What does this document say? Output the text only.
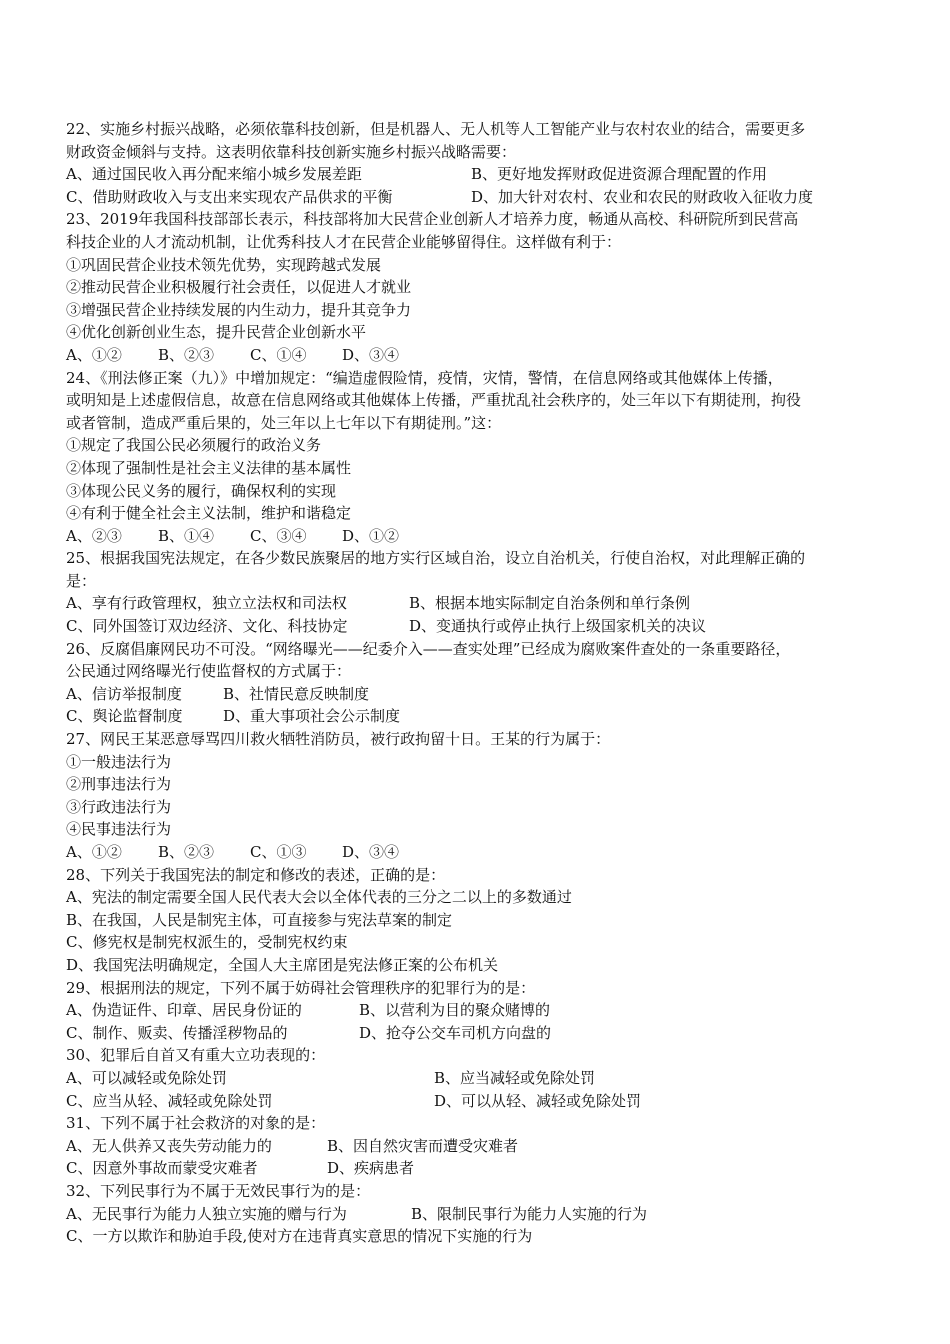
22、实施乡村振兴战略，必须依靠科技创新，但是机器人、无人机等人工智能产业与农村农业的结合，需要更多
财政资金倾斜与支持。这表明依靠科技创新实施乡村振兴战略需要：
A、通过国民收入再分配来缩小城乡发展差距	B、更好地发挥财政促进资源合理配置的作用
C、借助财政收入与支出来实现农产品供求的平衡	D、加大针对农村、农业和农民的财政收入征收力度
23、2019年我国科技部部长表示，科技部将加大民营企业创新人才培养力度，畅通从高校、科研院所到民营高
科技企业的人才流动机制，让优秀科技人才在民营企业能够留得住。这样做有利于：
①巩固民营企业技术领先优势，实现跨越式发展
②推动民营企业积极履行社会责任，以促进人才就业
③增强民营企业持续发展的内生动力，提升其竞争力
④优化创新创业生态，提升民营企业创新水平
A、①②	B、②③	C、①④	D、③④
24、《刑法修正案（九）》中增加规定：“编造虚假险情，疫情，灾情，警情，在信息网络或其他媒体上传播，
或明知是上述虚假信息，故意在信息网络或其他媒体上传播，严重扰乱社会秩序的，处三年以下有期徒刑，拘役
或者管制，造成严重后果的，处三年以上七年以下有期徒刑。”这：
①规定了我国公民必须履行的政治义务
②体现了强制性是社会主义法律的基本属性
③体现公民义务的履行，确保权利的实现
④有利于健全社会主义法制，维护和谐稳定
A、②③	B、①④	C、③④	D、①②
25、根据我国宪法规定，在各少数民族聚居的地方实行区域自治，设立自治机关，行使自治权，对此理解正确的
是：
A、享有行政管理权，独立立法权和司法权	B、根据本地实际制定自治条例和单行条例
C、同外国签订双边经济、文化、科技协定	D、变通执行或停止执行上级国家机关的决议
26、反腐倡廉网民功不可没。“网络曝光——纪委介入——查实处理”已经成为腐败案件查处的一条重要路径，
公民通过网络曝光行使监督权的方式属于：
A、信访举报制度	B、社情民意反映制度
C、舆论监督制度	D、重大事项社会公示制度
27、网民王某恶意辱骂四川救火牺牲消防员，被行政拘留十日。王某的行为属于：
①一般违法行为
②刑事违法行为
③行政违法行为
④民事违法行为
A、①②	B、②③	C、①③	D、③④
28、下列关于我国宪法的制定和修改的表述，正确的是：
A、宪法的制定需要全国人民代表大会以全体代表的三分之二以上的多数通过
B、在我国，人民是制宪主体，可直接参与宪法草案的制定
C、修宪权是制宪权派生的，受制宪权约束
D、我国宪法明确规定，全国人大主席团是宪法修正案的公布机关
29、根据刑法的规定，下列不属于妨碍社会管理秩序的犯罪行为的是：
A、伪造证件、印章、居民身份证的	B、以营利为目的聚众赌博的
C、制作、贩卖、传播淫秽物品的	D、抢夺公交车司机方向盘的
30、犯罪后自首又有重大立功表现的：
A、可以减轻或免除处罚	B、应当减轻或免除处罚
C、应当从轻、减轻或免除处罚	D、可以从轻、减轻或免除处罚
31、下列不属于社会救济的对象的是：
A、无人供养又丧失劳动能力的	B、因自然灾害而遭受灾难者
C、因意外事故而蒙受灾难者	D、疾病患者
32、下列民事行为不属于无效民事行为的是：
A、无民事行为能力人独立实施的赠与行为	B、限制民事行为能力人实施的行为
C、一方以欺诈和胁迫手段,使对方在违背真实意思的情况下实施的行为
